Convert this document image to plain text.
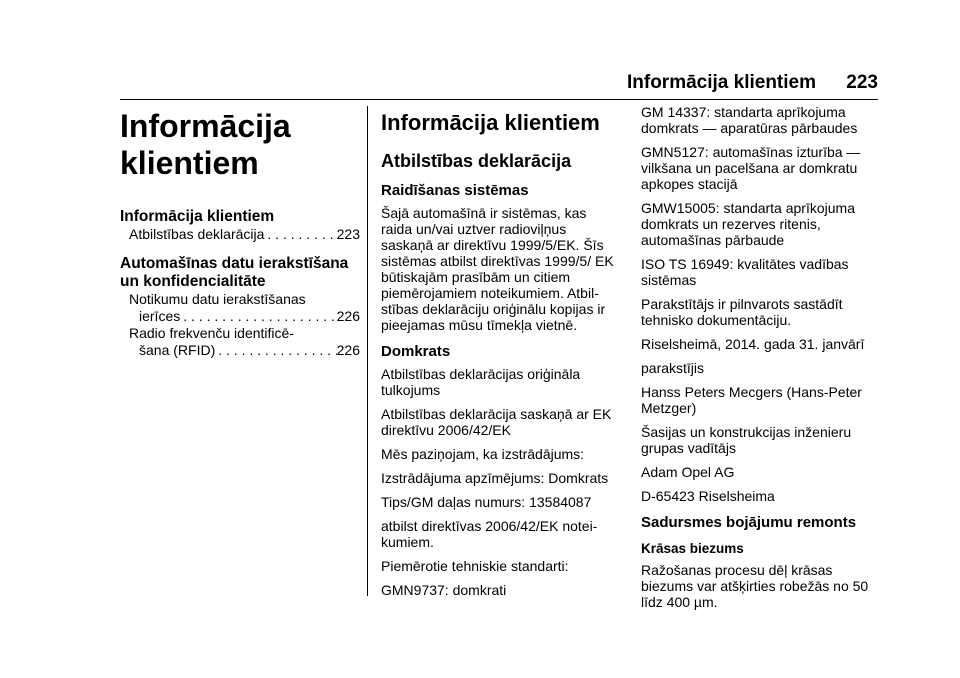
Informācija klientiem	223
Informācija
klientiem
Informācija klientiem
Atbilstības deklarācija . . .	223
Automašīnas datu ierakstīšana
un konfidencialitāte
Notikumu datu ierakstīšanas
ierīces . . .	226
Radio frekvenču identificē-
šana (RFID) . . .	226
Informācija klientiem
Atbilstības deklarācija
Raidīšanas sistēmas

Šajā automašīnā ir sistēmas, kas raida un/vai uztver radioviļņus saskaņā ar direktīvu 1999/5/EK. Šīs sistēmas atbilst direktīvas 1999/5/ EK būtiskajām prasībām un citiem piemērojamiem noteikumiem. Atbil-stības deklarāciju oriģinālu kopijas ir pieejamas mūsu tīmekļa vietnē.

Domkrats

Atbilstības deklarācijas oriģināla tulkojums

Atbilstības deklarācija saskaņā ar EK direktīvu 2006/42/EK

Mēs paziņojam, ka izstrādājums:

Izstrādājuma apzīmējums: Domkrats

Tips/GM daļas numurs: 13584087

atbilst direktīvas 2006/42/EK notei-kumiem.

Piemērotie tehniskie standarti:

GMN9737: domkrati

GM 14337: standarta aprīkojuma domkrats — aparatūras pārbaudes

GMN5127: automašīnas izturība — vilkšana un pacelšana ar domkratu apkopes stacijā

GMW15005: standarta aprīkojuma domkrats un rezerves ritenis, automašīnas pārbaude

ISO TS 16949: kvalitātes vadības sistēmas

Parakstītājs ir pilnvarots sastādīt tehnisko dokumentāciju.

Riselsheimā, 2014. gada 31. janvārī

parakstījis

Hanss Peters Mecgers (Hans-Peter Metzger)

Šasijas un konstrukcijas inženieru grupas vadītājs

Adam Opel AG

D-65423 Riselsheima

Sadursmes bojājumu remonts
Krāsas biezums

Ražošanas procesu dēļ krāsas biezums var atšķirties robežās no 50 līdz 400 µm.
